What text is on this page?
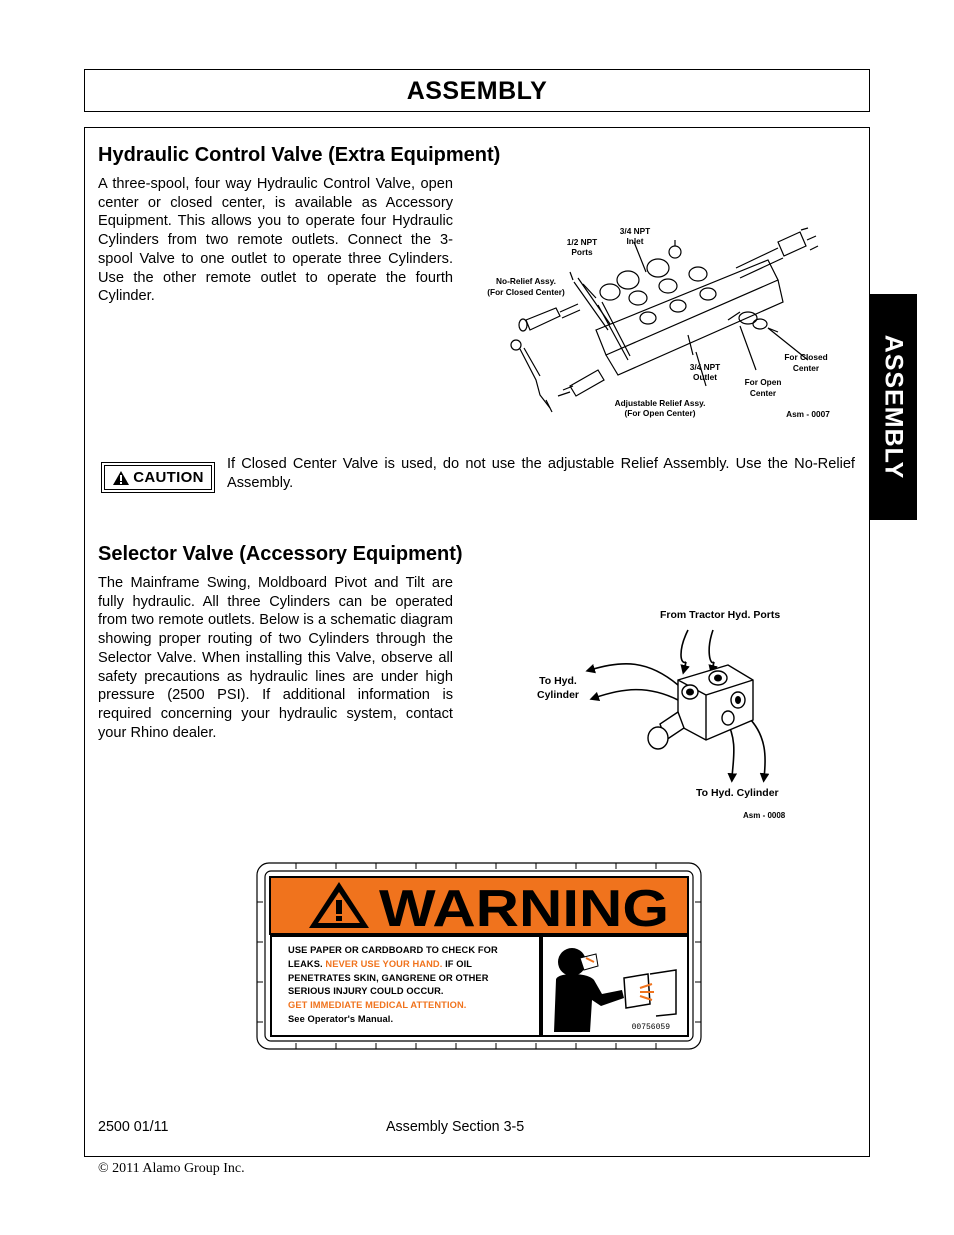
ASSEMBLY
ASSEMBLY
Hydraulic Control Valve (Extra Equipment)

A three-spool, four way Hydraulic Control Valve, open center or closed center, is available as Accessory Equipment. This allows you to operate four Hydraulic Cylinders from two remote outlets. Connect the 3-spool Valve to one outlet to operate three Cylinders. Use the other remote outlet to operate the fourth Cylinder.

3/4 NPT
Inlet
1/2 NPT
Ports
No-Relief Assy.
(For Closed Center)
3/4 NPT
Outlet
Adjustable Relief Assy.
(For Open Center)
For Closed
Center
For Open
Center
Asm - 0007
CAUTION

If Closed Center Valve is used, do not use the adjustable Relief Assembly. Use the No-Relief Assembly.

Selector Valve (Accessory Equipment)

The Mainframe Swing, Moldboard Pivot and Tilt are fully hydraulic. All three Cylinders can be operated from two remote outlets. Below is a schematic diagram showing proper routing of two Cylinders through the Selector Valve. When installing this Valve, observe all safety precautions as hydraulic lines are under high pressure (2500 PSI). If additional information is required concerning your hydraulic system, contact your Rhino dealer.

From Tractor Hyd. Ports
To Hyd.
Cylinder
To Hyd. Cylinder
Asm - 0008
WARNING
00756059
USE PAPER OR CARDBOARD TO CHECK FOR
LEAKS. NEVER USE YOUR HAND. IF OIL
PENETRATES SKIN, GANGRENE OR OTHER
SERIOUS INJURY COULD OCCUR.
GET IMMEDIATE MEDICAL ATTENTION.
See Operator's Manual.
2500 01/11	Assembly Section 3-5
© 2011 Alamo Group Inc.
